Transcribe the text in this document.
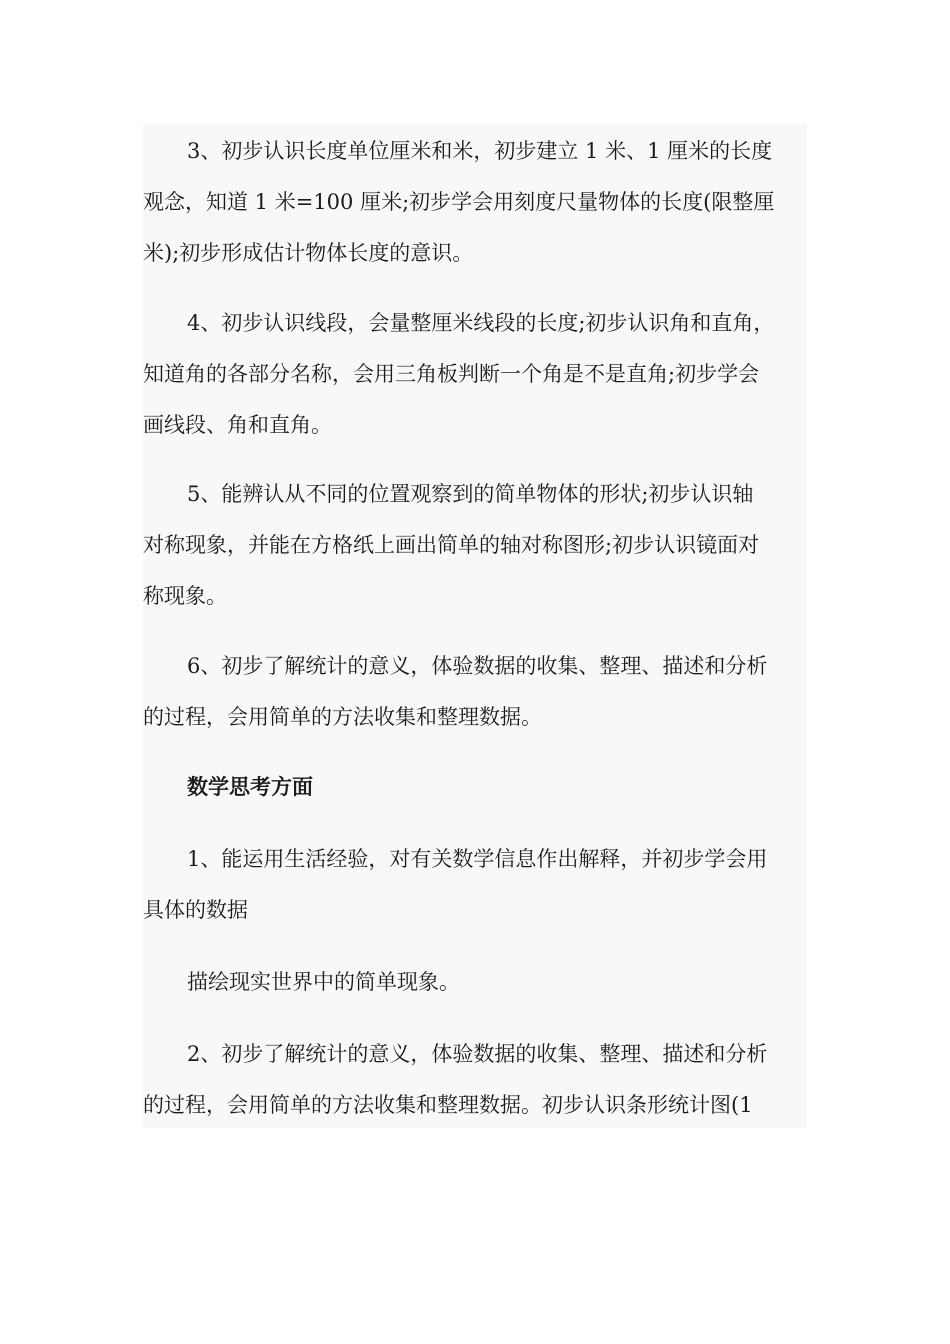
3、初步认识长度单位厘米和米，初步建立 1 米、1 厘米的长度
观念，知道 1 米=100 厘米;初步学会用刻度尺量物体的长度(限整厘
米);初步形成估计物体长度的意识。

4、初步认识线段，会量整厘米线段的长度;初步认识角和直角，
知道角的各部分名称，会用三角板判断一个角是不是直角;初步学会
画线段、角和直角。

5、能辨认从不同的位置观察到的简单物体的形状;初步认识轴
对称现象，并能在方格纸上画出简单的轴对称图形;初步认识镜面对
称现象。

6、初步了解统计的意义，体验数据的收集、整理、描述和分析
的过程，会用简单的方法收集和整理数据。

数学思考方面

1、能运用生活经验，对有关数学信息作出解释，并初步学会用
具体的数据

描绘现实世界中的简单现象。

2、初步了解统计的意义，体验数据的收集、整理、描述和分析
的过程，会用简单的方法收集和整理数据。初步认识条形统计图(1
